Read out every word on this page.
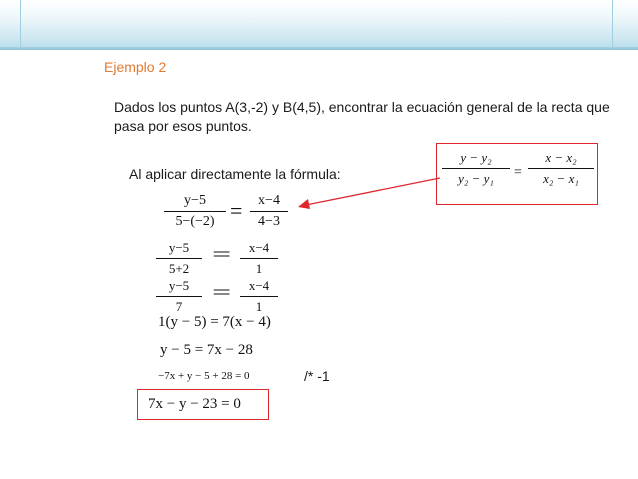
Ejemplo 2
Dados los puntos A(3,-2) y B(4,5), encontrar la ecuación general de la recta que pasa por esos puntos.
Al aplicar directamente la fórmula:
y − y₂
y₂ − y₁	=
x − x₂
x₂ − x₁
y−5
5−(−2) =	x−4
4−3
y−5
5+2
=	x−4
1
y−5
7
=	x−4
1
1(y − 5) = 7(x − 4)
y − 5 = 7x − 28
−7x + y − 5 + 28 = 0	/* -1
7x − y − 23 = 0
